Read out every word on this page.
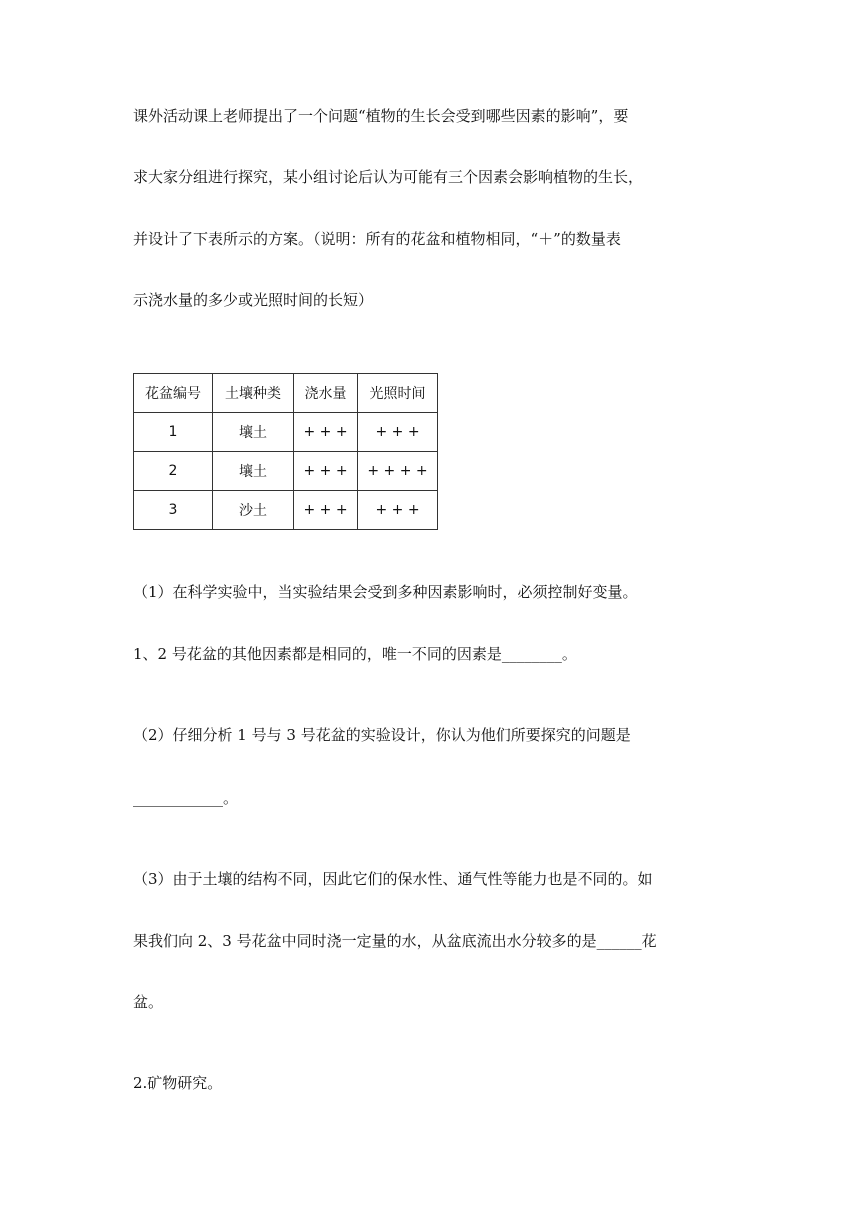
课外活动课上老师提出了一个问题“植物的生长会受到哪些因素的影响”，要
求大家分组进行探究，某小组讨论后认为可能有三个因素会影响植物的生长，
并设计了下表所示的方案。（说明：所有的花盆和植物相同，“＋”的数量表
示浇水量的多少或光照时间的长短）
花盆编号	土壤种类	浇水量	光照时间
1	壤土	+ + +	+ + +
2	壤土	+ + +	+ + + +
3	沙土	+ + +	+ + +
（1）在科学实验中，当实验结果会受到多种因素影响时，必须控制好变量。
1、2 号花盆的其他因素都是相同的，唯一不同的因素是________。
（2）仔细分析 1 号与 3 号花盆的实验设计，你认为他们所要探究的问题是
____________。
（3）由于土壤的结构不同，因此它们的保水性、通气性等能力也是不同的。如
果我们向 2、3 号花盆中同时浇一定量的水，从盆底流出水分较多的是______花
盆。
2.矿物研究。
